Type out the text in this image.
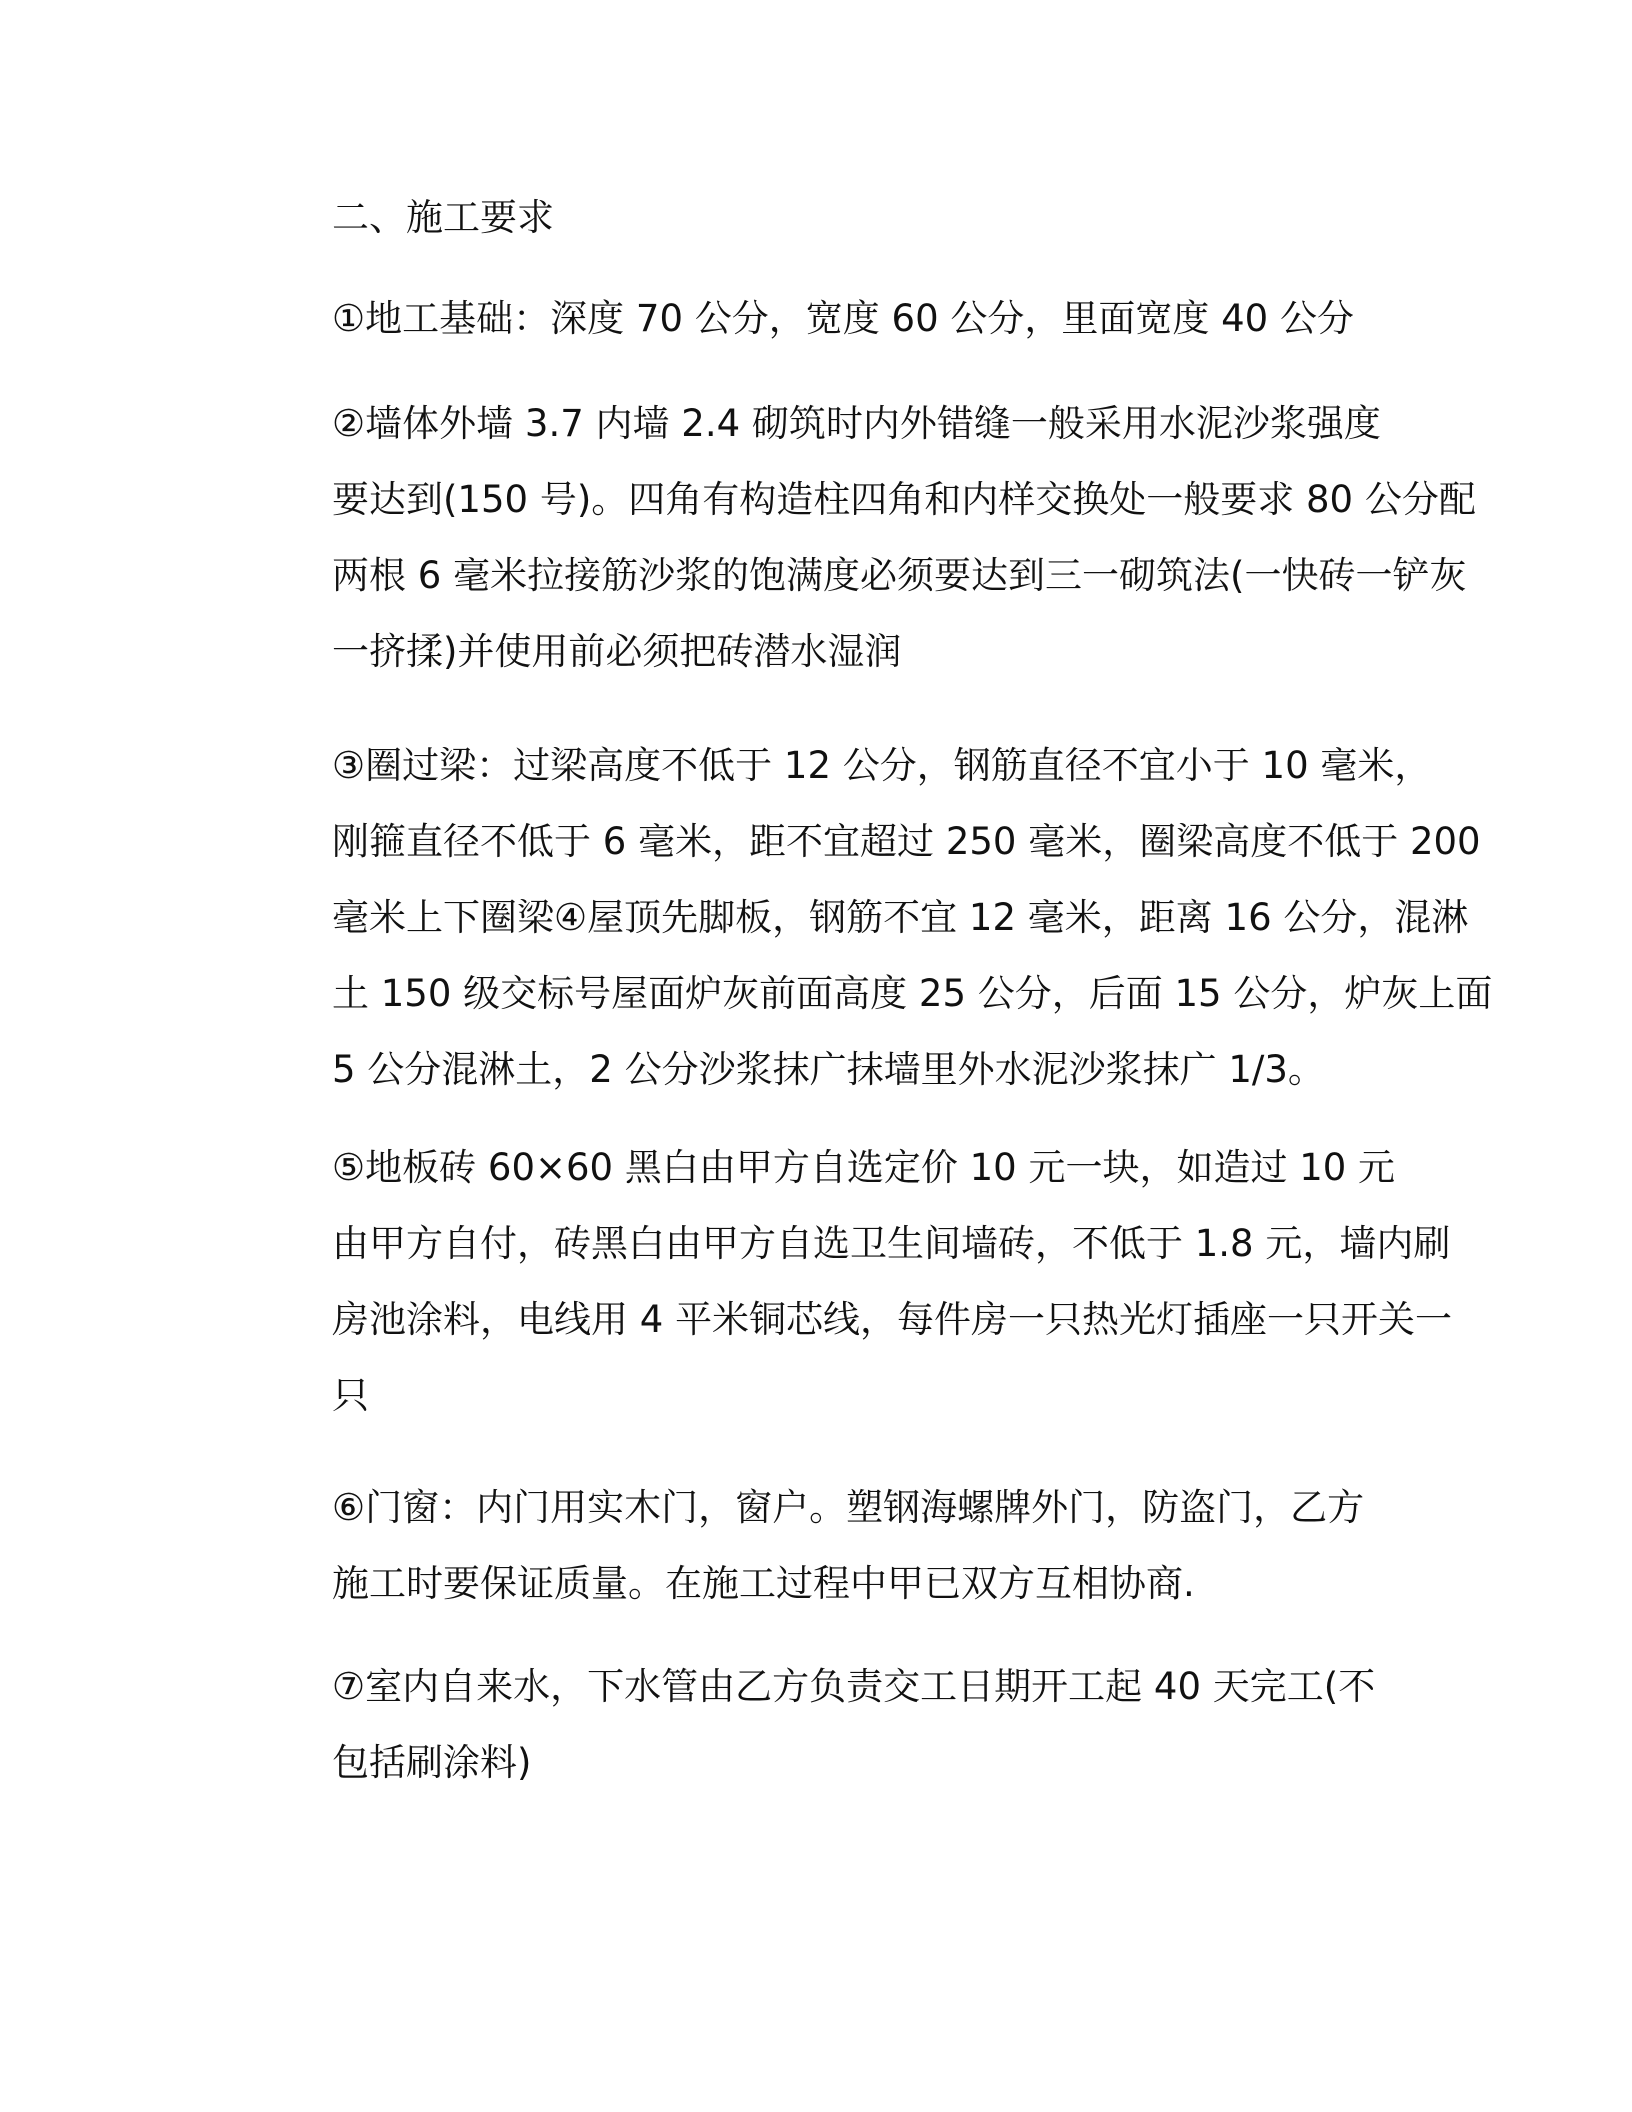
二、施工要求

①地工基础：深度 70 公分，宽度 60 公分，里面宽度 40 公分

②墙体外墙 3.7 内墙 2.4 砌筑时内外错缝一般采用水泥沙浆强度
要达到(150 号)。四角有构造柱四角和内样交换处一般要求 80 公分配
两根 6 毫米拉接筋沙浆的饱满度必须要达到三一砌筑法(一快砖一铲灰
一挤揉)并使用前必须把砖潜水湿润

③圈过梁：过梁高度不低于 12 公分，钢筋直径不宜小于 10 毫米，
刚箍直径不低于 6 毫米，距不宜超过 250 毫米，圈梁高度不低于 200
毫米上下圈梁④屋顶先脚板，钢筋不宜 12 毫米，距离 16 公分，混淋
土 150 级交标号屋面炉灰前面高度 25 公分，后面 15 公分，炉灰上面
5 公分混淋土，2 公分沙浆抹广抹墙里外水泥沙浆抹广 1/3。

⑤地板砖 60×60 黑白由甲方自选定价 10 元一块，如造过 10 元
由甲方自付，砖黑白由甲方自选卫生间墙砖，不低于 1.8 元，墙内刷
房池涂料，电线用 4 平米铜芯线，每件房一只热光灯插座一只开关一
只

⑥门窗：内门用实木门，窗户。塑钢海螺牌外门，防盗门，乙方
施工时要保证质量。在施工过程中甲已双方互相协商.

⑦室内自来水，下水管由乙方负责交工日期开工起 40 天完工(不
包括刷涂料)
